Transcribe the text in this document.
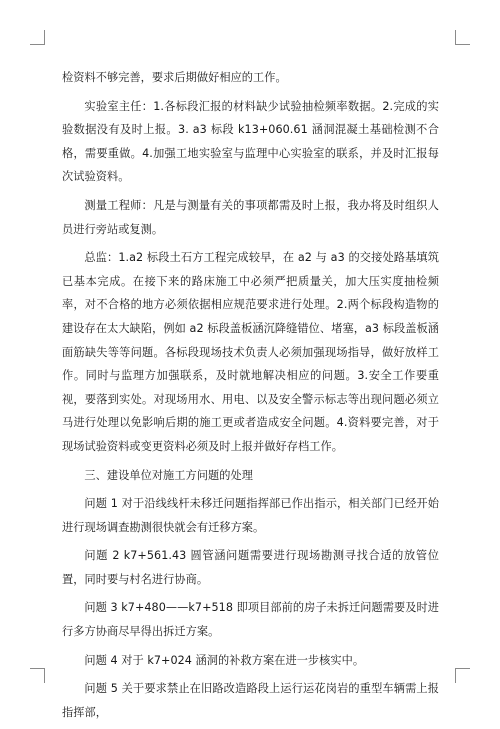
检资料不够完善，要求后期做好相应的工作。

实验室主任：1.各标段汇报的材料缺少试验抽检频率数据。2.完成的实验数据没有及时上报。3. a3 标段 k13+060.61 涵洞混凝土基础检测不合格，需要重做。4.加强工地实验室与监理中心实验室的联系，并及时汇报每次试验资料。

测量工程师：凡是与测量有关的事项都需及时上报，我办将及时组织人员进行旁站或复测。

总监：1.a2 标段土石方工程完成较早，在 a2 与 a3 的交接处路基填筑已基本完成。在接下来的路床施工中必须严把质量关，加大压实度抽检频率，对不合格的地方必须依据相应规范要求进行处理。2.两个标段构造物的建设存在太大缺陷，例如 a2 标段盖板涵沉降缝错位、堵塞，a3 标段盖板涵面筋缺失等等问题。各标段现场技术负责人必须加强现场指导，做好放样工作。同时与监理方加强联系，及时就地解决相应的问题。3.安全工作要重视，要落到实处。对现场用水、用电、以及安全警示标志等出现问题必须立马进行处理以免影响后期的施工更或者造成安全问题。4.资料要完善，对于现场试验资料或变更资料必须及时上报并做好存档工作。

三、建设单位对施工方问题的处理

问题 1 对于沿线线杆未移迁问题指挥部已作出指示，相关部门已经开始进行现场调查勘测很快就会有迁移方案。

问题 2 k7+561.43 圆管涵问题需要进行现场勘测寻找合适的放管位置，同时要与村名进行协商。

问题 3 k7+480——k7+518 即项目部前的房子未拆迁问题需要及时进行多方协商尽早得出拆迁方案。

问题 4 对于 k7+024 涵洞的补救方案在进一步核实中。

问题 5 关于要求禁止在旧路改造路段上运行运花岗岩的重型车辆需上报指挥部，
